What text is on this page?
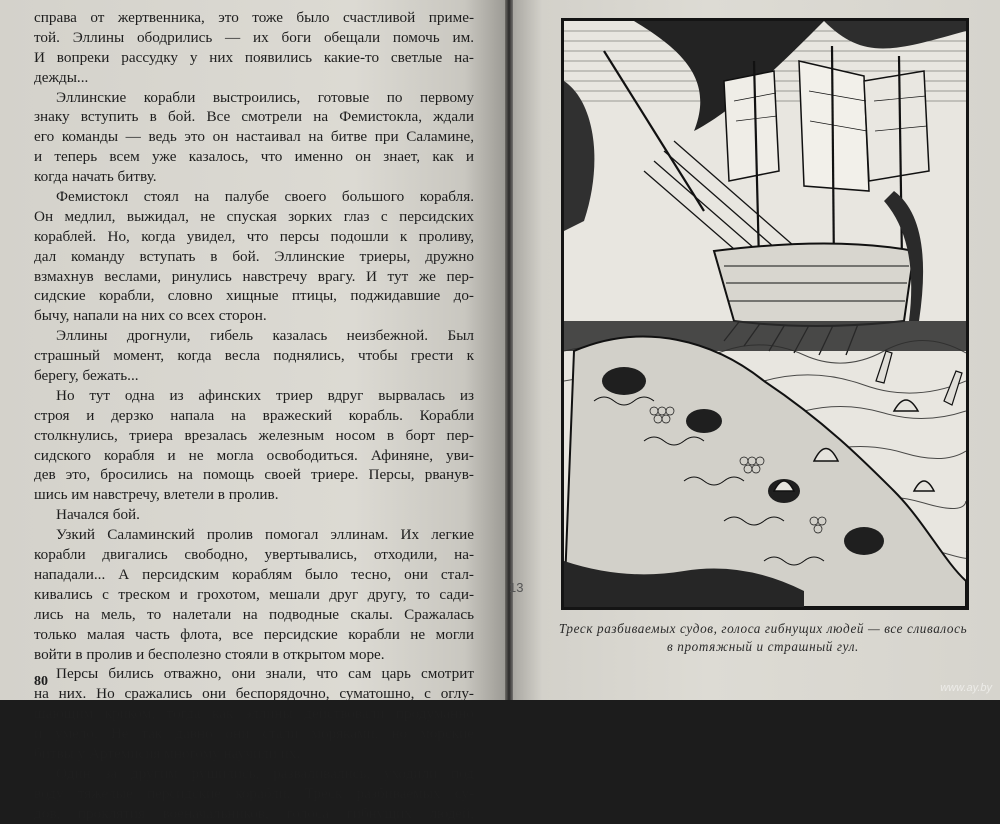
справа от жертвенника, это тоже было счастливой приме-
той. Эллины ободрились — их боги обещали помочь им.
И вопреки рассудку у них появились какие-то светлые на-
дежды...
Эллинские корабли выстроились, готовые по первому
знаку вступить в бой. Все смотрели на Фемистокла, ждали
его команды — ведь это он настаивал на битве при Саламине,
и теперь всем уже казалось, что именно он знает, как и
когда начать битву.
Фемистокл стоял на палубе своего большого корабля.
Он медлил, выжидал, не спуская зорких глаз с персидских
кораблей. Но, когда увидел, что персы подошли к проливу,
дал команду вступать в бой. Эллинские триеры, дружно
взмахнув веслами, ринулись навстречу врагу. И тут же пер-
сидские корабли, словно хищные птицы, поджидавшие до-
бычу, напали на них со всех сторон.
Эллины дрогнули, гибель казалась неизбежной. Был
страшный момент, когда весла поднялись, чтобы грести к
берегу, бежать...
Но тут одна из афинских триер вдруг вырвалась из
строя и дерзко напала на вражеский корабль. Корабли
столкнулись, триера врезалась железным носом в борт пер-
сидского корабля и не могла освободиться. Афиняне, уви-
дев это, бросились на помощь своей триере. Персы, рванув-
шись им навстречу, влетели в пролив.
Начался бой.
Узкий Саламинский пролив помогал эллинам. Их легкие
корабли двигались свободно, увертывались, отходили, на-
нападали... А персидским кораблям было тесно, они стал-
кивались с треском и грохотом, мешали друг другу, то сади-
лись на мель, то налетали на подводные скалы. Сражалась
только малая часть флота, все персидские корабли не могли
войти в пролив и бесполезно стояли в открытом море.
Персы бились отважно, они знали, что сам царь смотрит
на них. Но сражались они беспорядочно, суматошно, с оглу-
шающим криком, тогда как эллины действовали продуманно
и умело. Не так давно они стали моряками, но морские
битвы у Артемисия многому научили их.
Один за другим рушились, разваливались, уходили под
воду тяжелые персидские корабли. Треск разбиваемых су-
дов, проклятия военачальников, голоса гибнущих людей,
80
13
Треск разбиваемых судов, голоса гибнущих людей — все сливалось
в протяжный и страшный гул.
www.ay.by
